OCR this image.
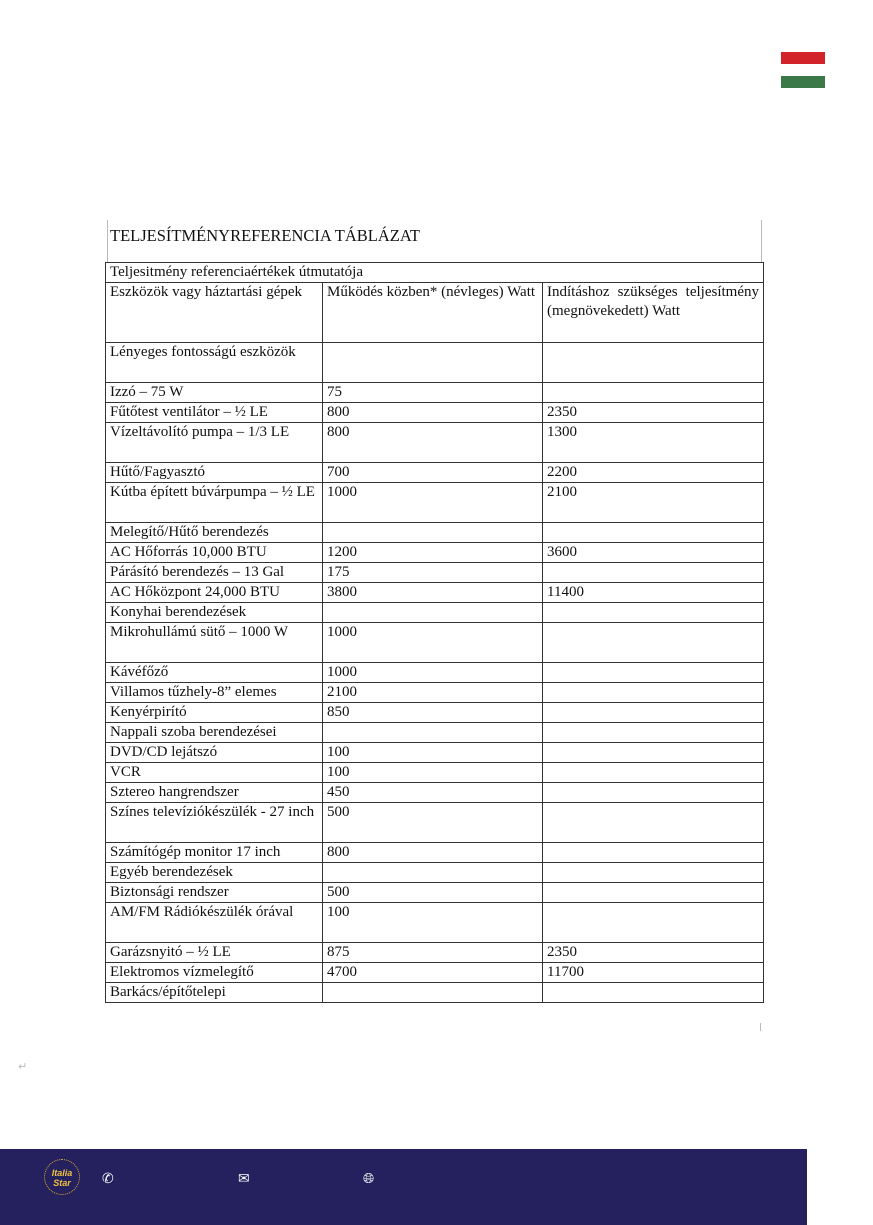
TELJESÍTMÉNYREFERENCIA TÁBLÁZAT
Teljesitmény referenciaértékek útmutatója		
Eszközök vagy háztartási gépek	Működés közben* (névleges) Watt	Indításhoz szükséges teljesítmény (megnövekedett) Watt
Lényeges fontosságú eszközök		
Izzó – 75 W	75	
Fűtőtest ventilátor – ½ LE	800	2350
Vízeltávolító pumpa – 1/3 LE	800	1300
Hűtő/Fagyasztó	700	2200
Kútba épített búvárpumpa – ½ LE	1000	2100
Melegítő/Hűtő berendezés		
AC Hőforrás 10,000 BTU	1200	3600
Párásító berendezés – 13 Gal	175	
AC Hőközpont 24,000 BTU	3800	11400
Konyhai berendezések		
Mikrohullámú sütő – 1000 W	1000	
Kávéfőző	1000	
Villamos tűzhely-8” elemes	2100	
Kenyérpirító	850	
Nappali szoba berendezései		
DVD/CD lejátszó	100	
VCR	100	
Sztereo hangrendszer	450	
Színes televíziókészülék - 27 inch	500	
Számítógép monitor 17 inch	800	
Egyéb berendezések		
Biztonsági rendszer	500	
AM/FM Rádiókészülék órával	100	
Garázsnyitó – ½ LE	875	2350
Elektromos vízmelegítő	4700	11700
Barkács/építőtelepi		
↵
Italia
Star	✆	✉	🌐︎
